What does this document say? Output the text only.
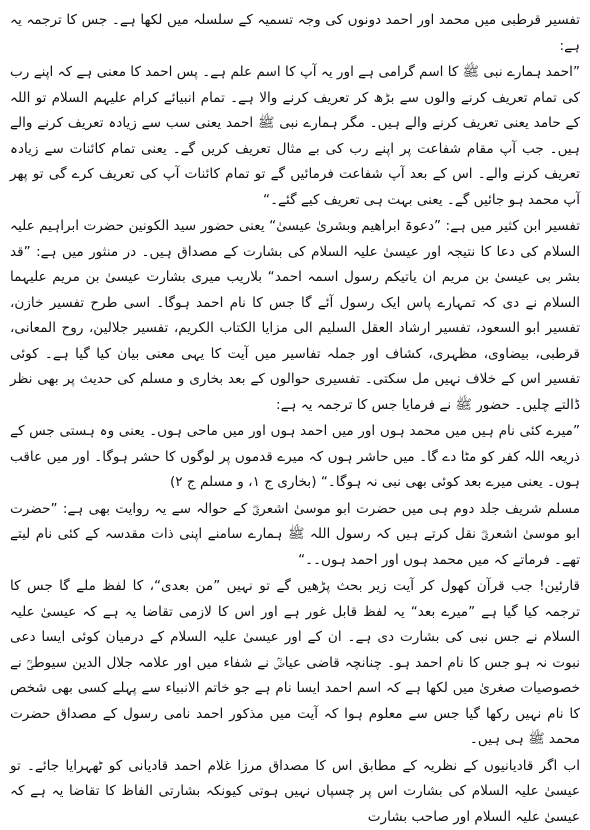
تفسیر قرطبی میں محمد اور احمد دونوں کی وجہ تسمیہ کے سلسلہ میں لکھا ہے۔ جس کا ترجمہ یہ ہے:

”احمد ہمارے نبی ﷺ کا اسم گرامی ہے اور یہ آپ کا اسم علم ہے۔ پس احمد کا معنی ہے کہ اپنے رب کی تمام تعریف کرنے والوں سے بڑھ کر تعریف کرنے والا ہے۔ تمام انبیائے کرام علیہم السلام تو اللہ کے حامد یعنی تعریف کرنے والے ہیں۔ مگر ہمارے نبی ﷺ احمد یعنی سب سے زیادہ تعریف کرنے والے ہیں۔ جب آپ مقام شفاعت پر اپنے رب کی بے مثال تعریف کریں گے۔ یعنی تمام کائنات سے زیادہ تعریف کرنے والے۔ اس کے بعد آپ شفاعت فرمائیں گے تو تمام کائنات آپ کی تعریف کرے گی تو پھر آپ محمد ہو جائیں گے۔ یعنی بہت ہی تعریف کیے گئے۔“

تفسیر ابن کثیر میں ہے: ”دعوۃ ابراھیم وبشریٰ عیسیٰ“ یعنی حضور سید الکونین حضرت ابراہیم علیہ السلام کی دعا کا نتیجہ اور عیسیٰ علیہ السلام کی بشارت کے مصداق ہیں۔ در منثور میں ہے: ”قد بشر بی عیسیٰ بن مریم ان یاتیکم رسول اسمہ احمد“ بلاریب میری بشارت عیسیٰ بن مریم علیہما السلام نے دی کہ تمہارے پاس ایک رسول آئے گا جس کا نام احمد ہوگا۔ اسی طرح تفسیر خازن، تفسیر ابو السعود، تفسیر ارشاد العقل السلیم الی مزایا الکتاب الکریم، تفسیر جلالین، روح المعانی، قرطبی، بیضاوی، مظہری، کشاف اور جملہ تفاسیر میں آیت کا یہی معنی بیان کیا گیا ہے۔ کوئی تفسیر اس کے خلاف نہیں مل سکتی۔ تفسیری حوالوں کے بعد بخاری و مسلم کی حدیث پر بھی نظر ڈالتے چلیں۔ حضور ﷺ نے فرمایا جس کا ترجمہ یہ ہے:

”میرے کئی نام ہیں میں محمد ہوں اور میں احمد ہوں اور میں ماحی ہوں۔ یعنی وہ ہستی جس کے ذریعہ اللہ کفر کو مٹا دے گا۔ میں حاشر ہوں کہ میرے قدموں پر لوگوں کا حشر ہوگا۔ اور میں عاقب ہوں۔ یعنی میرے بعد کوئی بھی نبی نہ ہوگا۔“ (بخاری ج ۱، و مسلم ج ۲)

مسلم شریف جلد دوم ہی میں حضرت ابو موسیٰ اشعریؓ کے حوالہ سے یہ روایت بھی ہے: ”حضرت ابو موسیٰ اشعریؓ نقل کرتے ہیں کہ رسول اللہ ﷺ ہمارے سامنے اپنی ذات مقدسہ کے کئی نام لیتے تھے۔ فرماتے کہ میں محمد ہوں اور احمد ہوں۔۔“

قارئین! جب قرآن کھول کر آیت زیر بحث پڑھیں گے تو نہیں ”من بعدی“، کا لفظ ملے گا جس کا ترجمہ کیا گیا ہے ”میرے بعد“ یہ لفظ قابل غور ہے اور اس کا لازمی تقاضا یہ ہے کہ عیسیٰ علیہ السلام نے جس نبی کی بشارت دی ہے۔ ان کے اور عیسیٰ علیہ السلام کے درمیان کوئی ایسا دعی نبوت نہ ہو جس کا نام احمد ہو۔ چنانچہ قاضی عیاضؒ نے شفاء میں اور علامہ جلال الدین سیوطیؒ نے خصوصیات صغریٰ میں لکھا ہے کہ اسم احمد ایسا نام ہے جو خاتم الانبیاء سے پہلے کسی بھی شخص کا نام نہیں رکھا گیا جس سے معلوم ہوا کہ آیت میں مذکور احمد نامی رسول کے مصداق حضرت محمد ﷺ ہی ہیں۔

اب اگر قادیانیوں کے نظریہ کے مطابق اس کا مصداق مرزا غلام احمد قادیانی کو ٹھہرایا جائے۔ تو عیسیٰ علیہ السلام کی بشارت اس پر چسپاں نہیں ہوتی کیونکہ بشارتی الفاظ کا تقاضا یہ ہے کہ عیسیٰ علیہ السلام اور صاحب بشارت
